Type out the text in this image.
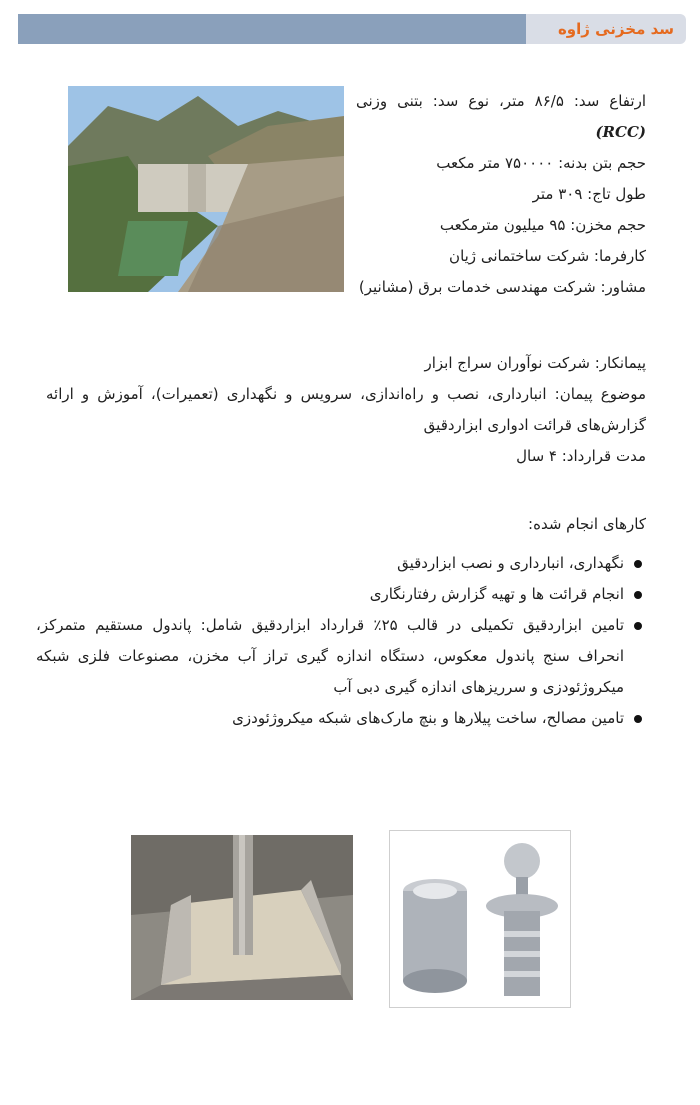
سد مخزنی ژاوه

ارتفاع سد: ۸۶/۵ متر، نوع سد: بتنی وزنی (RCC)

حجم بتن بدنه: ۷۵۰۰۰۰ متر مکعب

طول تاج: ۳۰۹ متر

حجم مخزن: ۹۵ میلیون مترمکعب

کارفرما: شرکت ساختمانی ژیان

مشاور: شرکت مهندسی خدمات برق (مشانیر)

پیمانکار: شرکت نوآوران سراج ابزار

موضوع پیمان: انبارداری، نصب و راه‌اندازی، سرویس و نگهداری (تعمیرات)، آموزش و ارائه گزارش‌های قرائت ادواری ابزاردقیق

مدت قرارداد: ۴ سال

کارهای انجام شده:
نگهداری، انبارداری و نصب ابزاردقیق
انجام قرائت ها و تهیه گزارش رفتارنگاری
تامین ابزاردقیق تکمیلی در قالب ۲۵٪ قرارداد ابزاردقیق شامل: پاندول مستقیم متمرکز، انحراف سنج پاندول معکوس، دستگاه اندازه گیری تراز آب مخزن، مصنوعات فلزی شبکه میکروژئودزی و سرریزهای اندازه گیری دبی آب
تامین مصالح، ساخت پیلارها و بنچ مارک‌های شبکه میکروژئودزی
